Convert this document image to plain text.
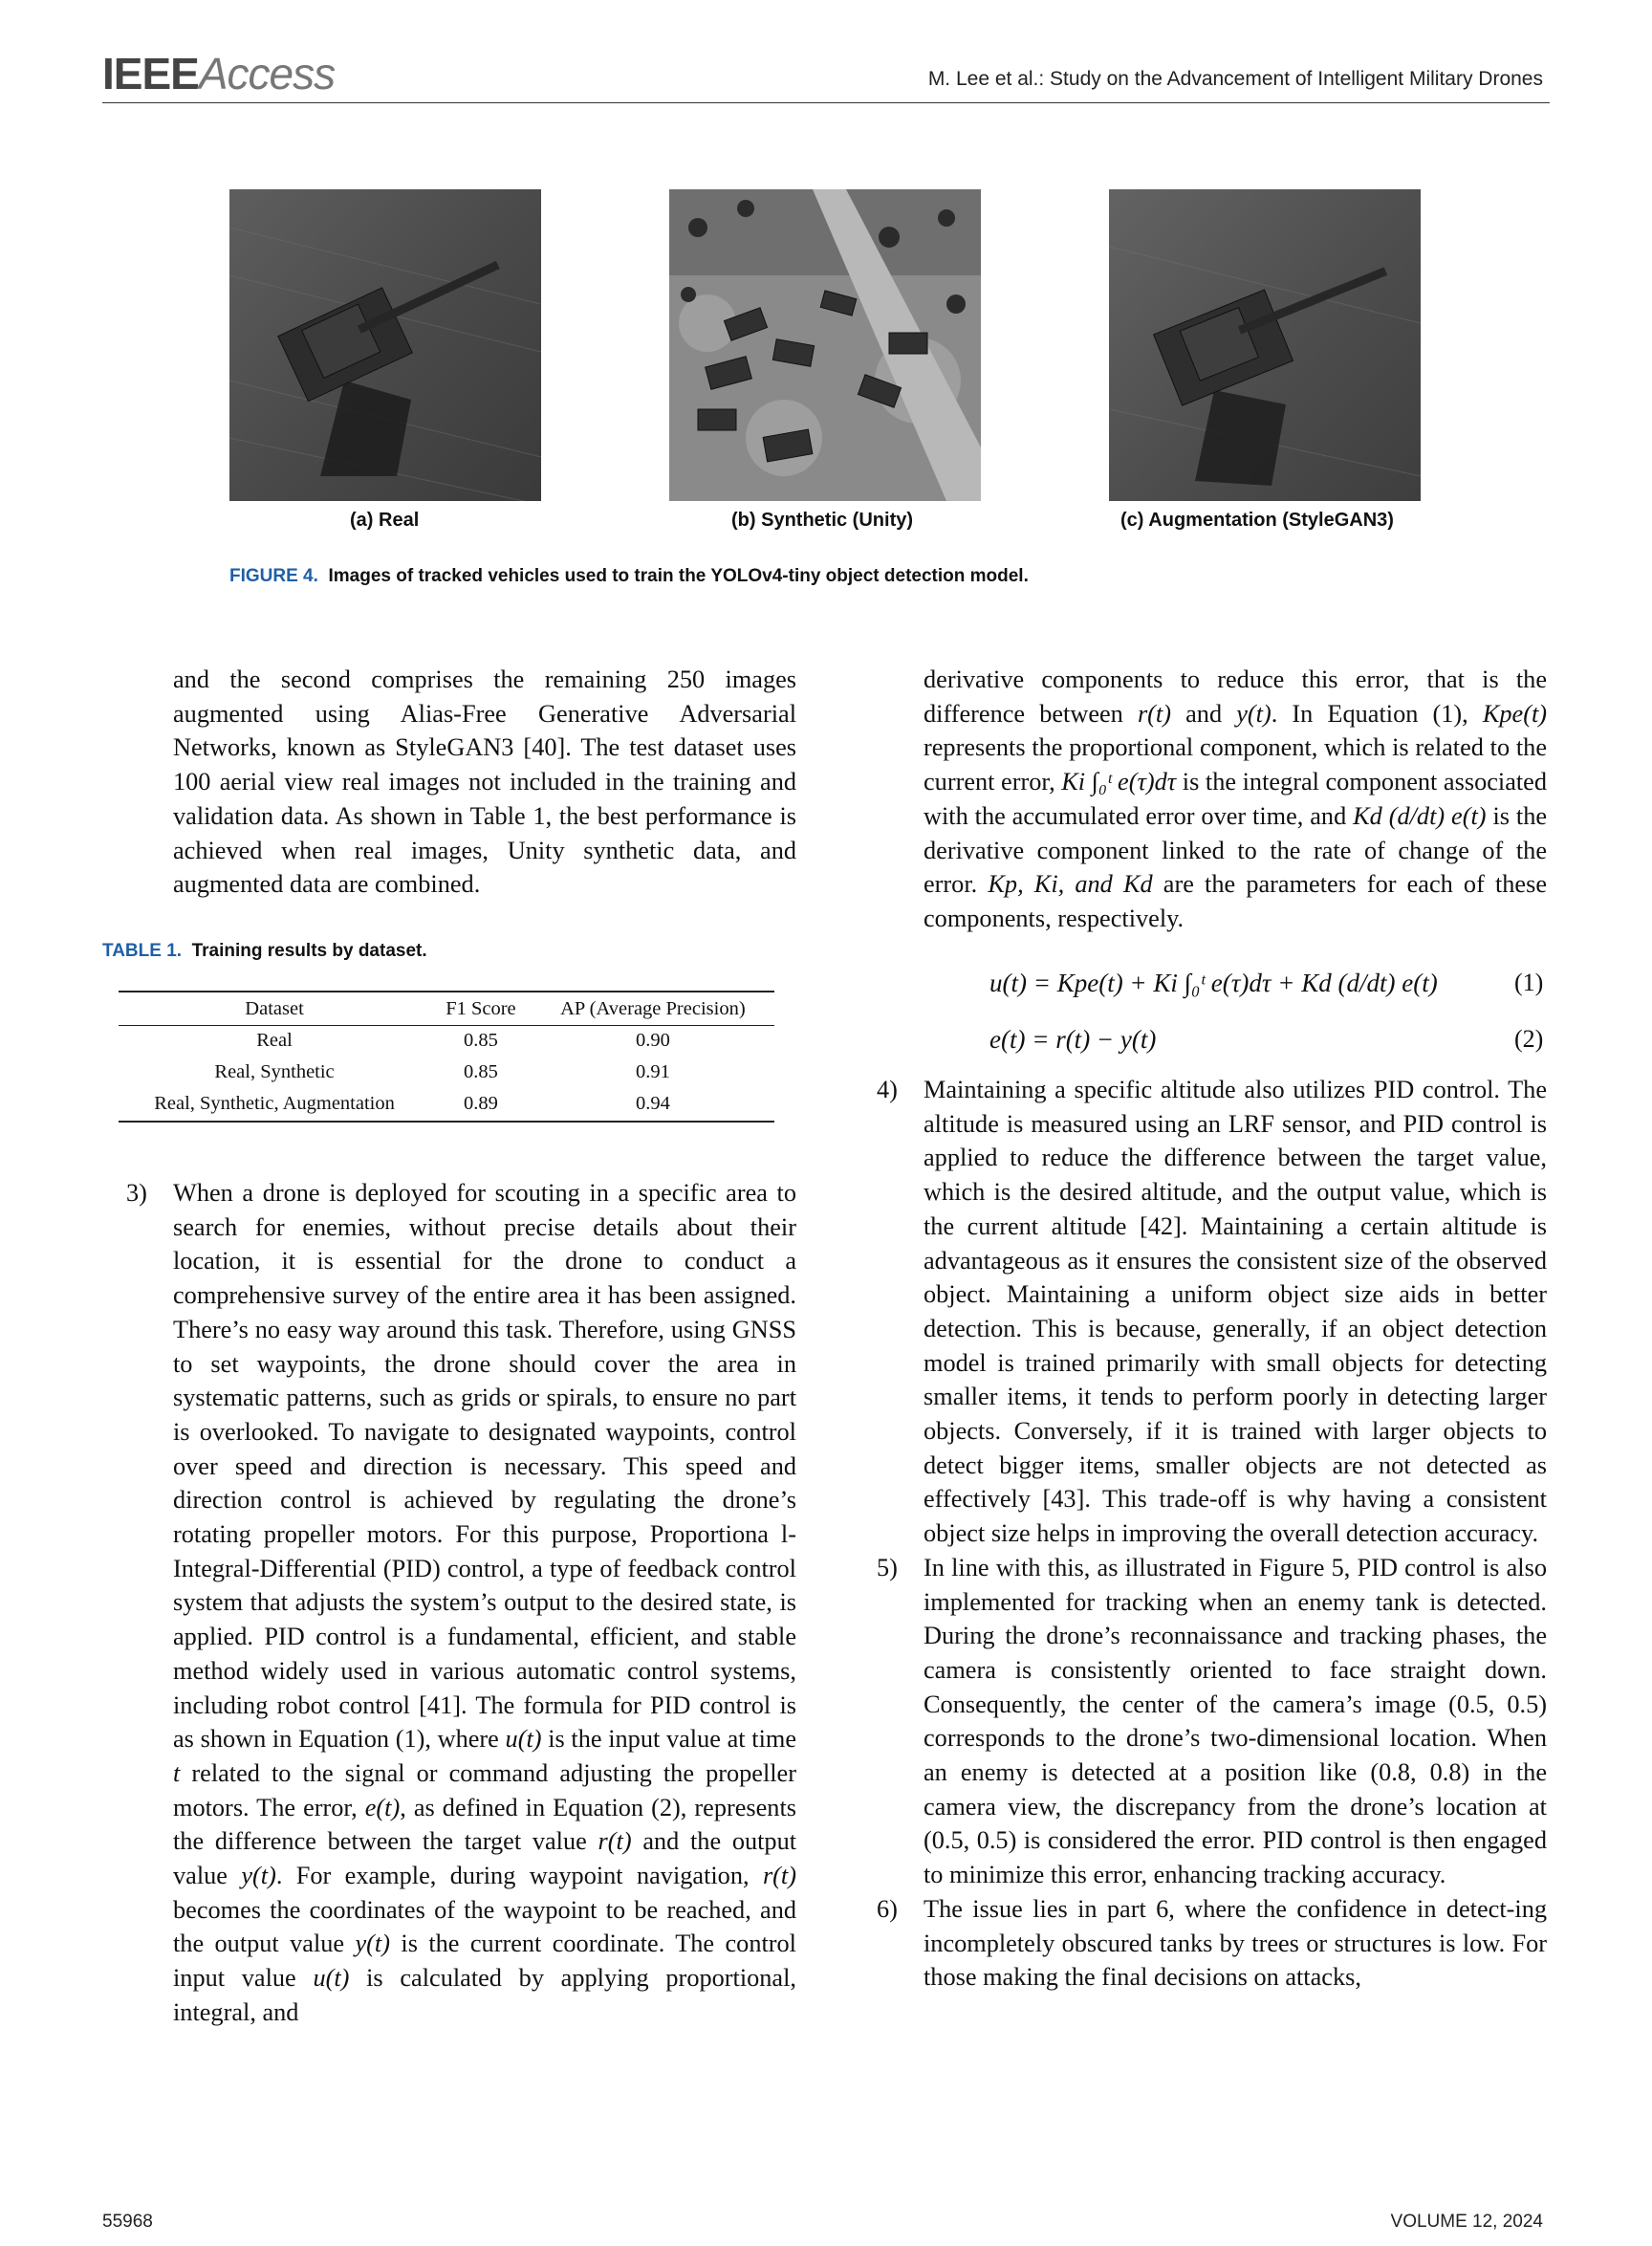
IEEEAccess	M. Lee et al.: Study on the Advancement of Intelligent Military Drones
(a) Real	(b) Synthetic (Unity)	(c) Augmentation (StyleGAN3)
FIGURE 4. Images of tracked vehicles used to train the YOLOv4-tiny object detection model.

and the second comprises the remaining 250 images augmented using Alias-Free Generative Adversarial Networks, known as StyleGAN3 [40]. The test dataset uses 100 aerial view real images not included in the training and validation data. As shown in Table 1, the best performance is achieved when real images, Unity synthetic data, and augmented data are combined.

TABLE 1. Training results by dataset.
Dataset	F1 Score	AP (Average Precision)
Real	0.85	0.90
Real, Synthetic	0.85	0.91
Real, Synthetic, Augmentation	0.89	0.94
3) When a drone is deployed for scouting in a specific area to search for enemies, without precise details about their location, it is essential for the drone to conduct a comprehensive survey of the entire area it has been assigned. There’s no easy way around this task. Therefore, using GNSS to set waypoints, the drone should cover the area in systematic patterns, such as grids or spirals, to ensure no part is overlooked. To navigate to designated waypoints, control over speed and direction is necessary. This speed and direction control is achieved by regulating the drone’s rotating propeller motors. For this purpose, Proportiona l-Integral-Differential (PID) control, a type of feedback control system that adjusts the system’s output to the desired state, is applied. PID control is a fundamental, efficient, and stable method widely used in various automatic control systems, including robot control [41]. The formula for PID control is as shown in Equation (1), where u(t) is the input value at time t related to the signal or command adjusting the propeller motors. The error, e(t), as defined in Equation (2), represents the difference between the target value r(t) and the output value y(t). For example, during waypoint navigation, r(t) becomes the coordinates of the waypoint to be reached, and the output value y(t) is the current coordinate. The control input value u(t) is calculated by applying proportional, integral, and

derivative components to reduce this error, that is the difference between r(t) and y(t). In Equation (1), Kpe(t) represents the proportional component, which is related to the current error, Ki ∫₀ᵗ e(τ)dτ is the integral component associated with the accumulated error over time, and Kd (d/dt) e(t) is the derivative component linked to the rate of change of the error. Kp, Ki, and Kd are the parameters for each of these components, respectively.

u(t) = Kpe(t) + Ki ∫₀ᵗ e(τ)dτ + Kd (d/dt) e(t)	(1)
e(t) = r(t) − y(t)	(2)
4) Maintaining a specific altitude also utilizes PID control. The altitude is measured using an LRF sensor, and PID control is applied to reduce the difference between the target value, which is the desired altitude, and the output value, which is the current altitude [42]. Maintaining a certain altitude is advantageous as it ensures the consistent size of the observed object. Maintaining a uniform object size aids in better detection. This is because, generally, if an object detection model is trained primarily with small objects for detecting smaller items, it tends to perform poorly in detecting larger objects. Conversely, if it is trained with larger objects to detect bigger items, smaller objects are not detected as effectively [43]. This trade-off is why having a consistent object size helps in improving the overall detection accuracy.
5) In line with this, as illustrated in Figure 5, PID control is also implemented for tracking when an enemy tank is detected. During the drone’s reconnaissance and tracking phases, the camera is consistently oriented to face straight down. Consequently, the center of the camera’s image (0.5, 0.5) corresponds to the drone’s two-dimensional location. When an enemy is detected at a position like (0.8, 0.8) in the camera view, the discrepancy from the drone’s location at (0.5, 0.5) is considered the error. PID control is then engaged to minimize this error, enhancing tracking accuracy.
6) The issue lies in part 6, where the confidence in detect-ing incompletely obscured tanks by trees or structures is low. For those making the final decisions on attacks,
55968	VOLUME 12, 2024
